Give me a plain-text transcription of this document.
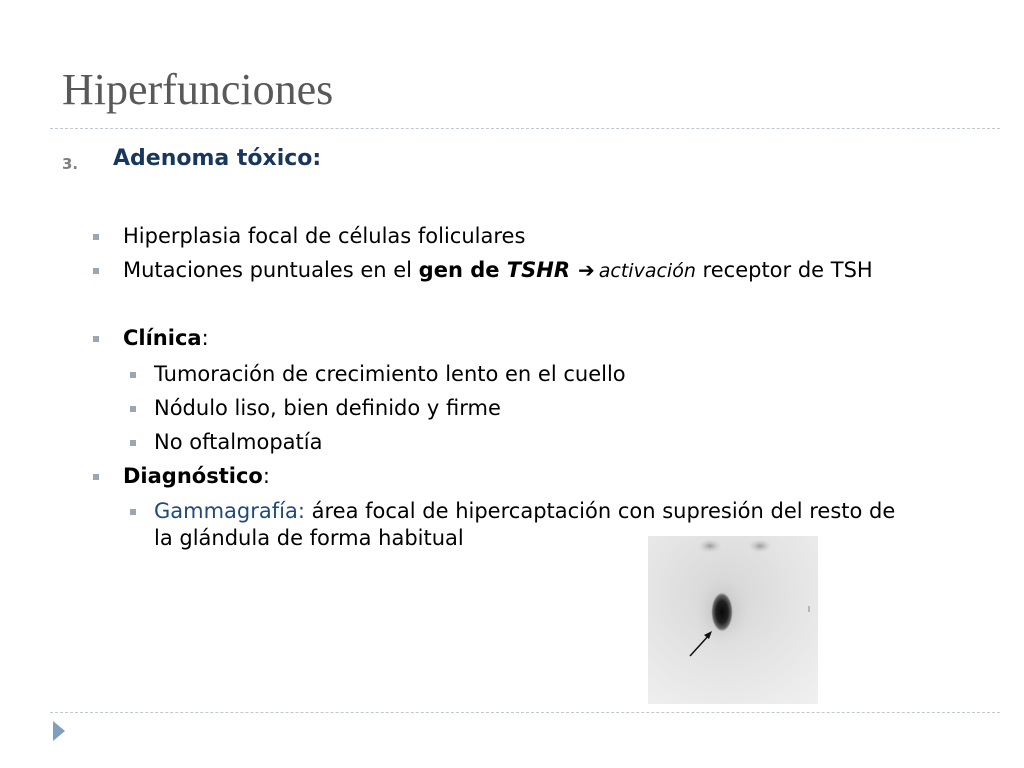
Hiperfunciones
3. Adenoma tóxico:
Hiperplasia focal de células foliculares
Mutaciones puntuales en el gen de TSHR ➔ activación receptor de TSH
Clínica:
Tumoración de crecimiento lento en el cuello
Nódulo liso, bien definido y firme
No oftalmopatía
Diagnóstico:
Gammagrafía: área focal de hipercaptación con supresión del resto de
la glándula de forma habitual
